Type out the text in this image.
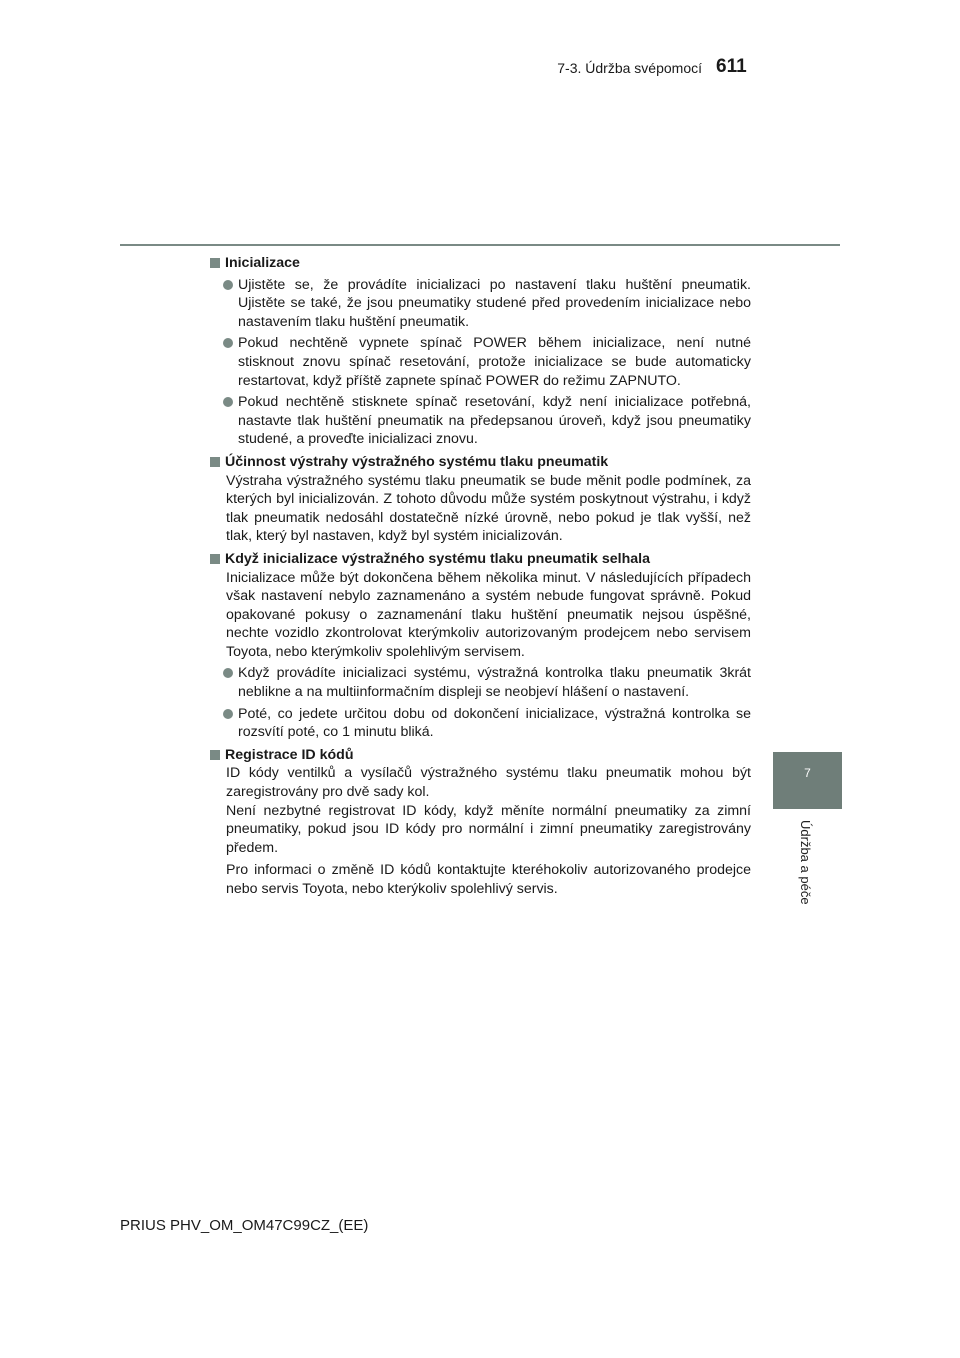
7-3. Údržba svépomocí 611
7
Údržba a péče
Inicializace
Ujistěte se, že provádíte inicializaci po nastavení tlaku huštění pneumatik. Ujistěte se také, že jsou pneumatiky studené před provedením inicializace nebo nastavením tlaku huštění pneumatik.
Pokud nechtěně vypnete spínač POWER během inicializace, není nutné stisknout znovu spínač resetování, protože inicializace se bude automaticky restartovat, když příště zapnete spínač POWER do režimu ZAPNUTO.
Pokud nechtěně stisknete spínač resetování, když není inicializace potřebná, nastavte tlak huštění pneumatik na předepsanou úroveň, když jsou pneumatiky studené, a proveďte inicializaci znovu.
Účinnost výstrahy výstražného systému tlaku pneumatik
Výstraha výstražného systému tlaku pneumatik se bude měnit podle podmínek, za kterých byl inicializován. Z tohoto důvodu může systém poskytnout výstrahu, i když tlak pneumatik nedosáhl dostatečně nízké úrovně, nebo pokud je tlak vyšší, než tlak, který byl nastaven, když byl systém inicializován.
Když inicializace výstražného systému tlaku pneumatik selhala
Inicializace může být dokončena během několika minut. V následujících případech však nastavení nebylo zaznamenáno a systém nebude fungovat správně. Pokud opakované pokusy o zaznamenání tlaku huštění pneumatik nejsou úspěšné, nechte vozidlo zkontrolovat kterýmkoliv autorizovaným prodejcem nebo servisem Toyota, nebo kterýmkoliv spolehlivým servisem.
Když provádíte inicializaci systému, výstražná kontrolka tlaku pneumatik 3krát neblikne a na multiinformačním displeji se neobjeví hlášení o nastavení.
Poté, co jedete určitou dobu od dokončení inicializace, výstražná kontrolka se rozsvítí poté, co 1 minutu bliká.
Registrace ID kódů
ID kódy ventilků a vysílačů výstražného systému tlaku pneumatik mohou být zaregistrovány pro dvě sady kol.
Není nezbytné registrovat ID kódy, když měníte normální pneumatiky za zimní pneumatiky, pokud jsou ID kódy pro normální i zimní pneumatiky zaregistrovány předem.
Pro informaci o změně ID kódů kontaktujte kteréhokoliv autorizovaného prodejce nebo servis Toyota, nebo kterýkoliv spolehlivý servis.
PRIUS PHV_OM_OM47C99CZ_(EE)
